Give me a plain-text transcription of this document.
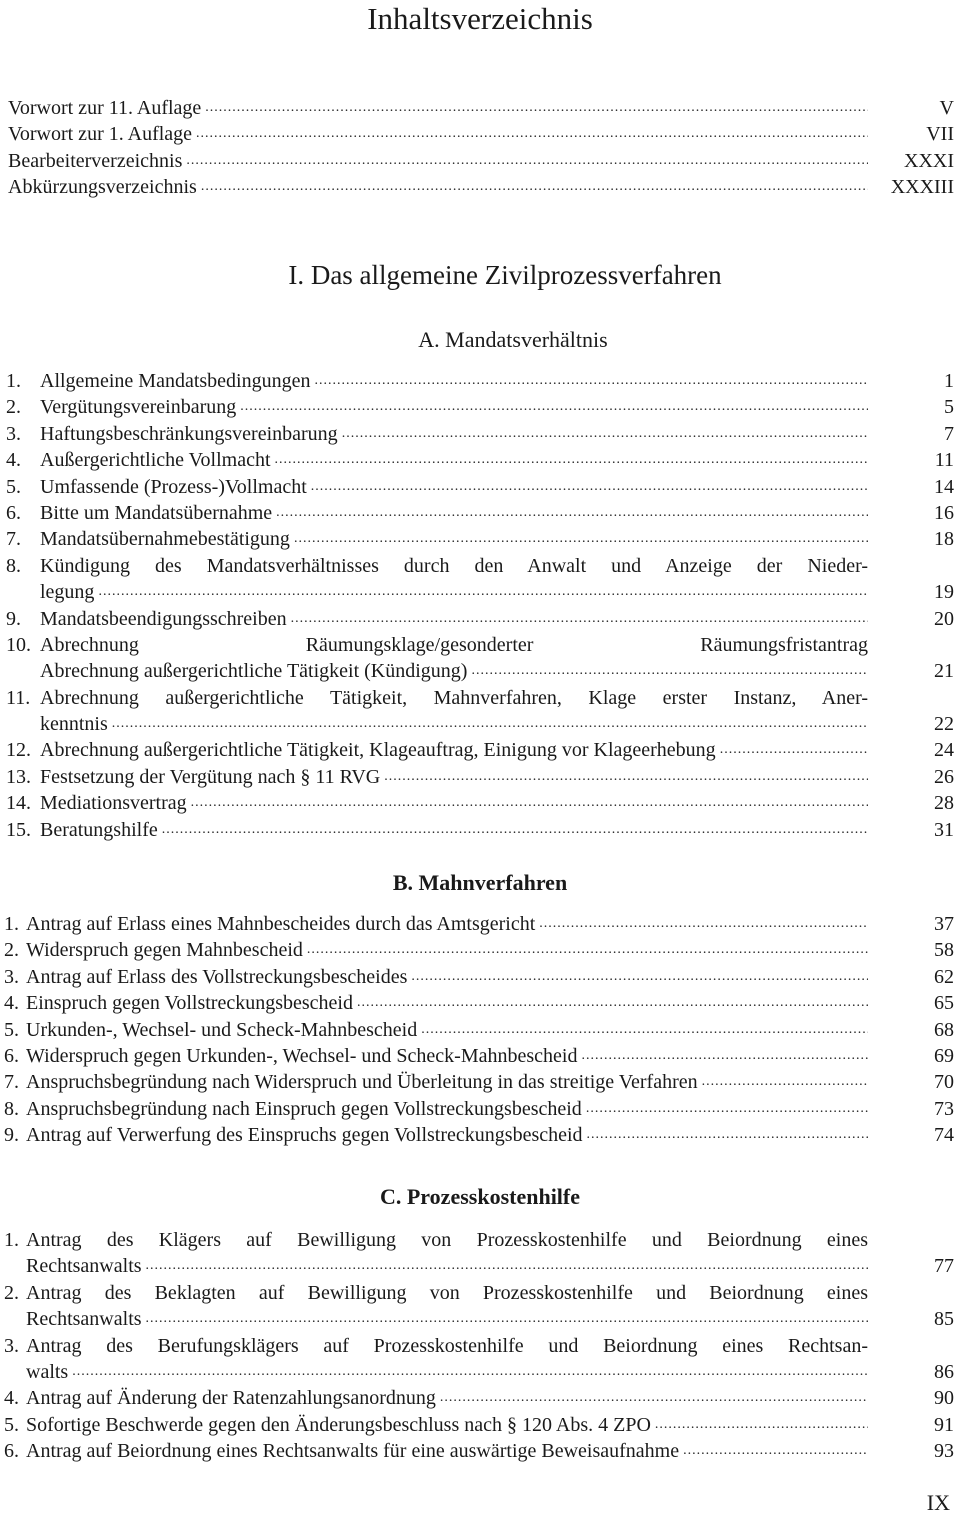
Inhaltsverzeichnis
Vorwort zur 11. Auflage .....	V
Vorwort zur 1. Auflage .....	VII
Bearbeiterverzeichnis .....	XXXI
Abkürzungsverzeichnis .....	XXXIII
I. Das allgemeine Zivilprozessverfahren
A. Mandatsverhältnis
1. Allgemeine Mandatsbedingungen .....	1
2. Vergütungsvereinbarung .....	5
3. Haftungsbeschränkungsvereinbarung .....	7
4. Außergerichtliche Vollmacht .....	11
5. Umfassende (Prozess-)Vollmacht .....	14
6. Bitte um Mandatsübernahme .....	16
7. Mandatsübernahmebestätigung .....	18
8. Kündigung des Mandatsverhältnisses durch den Anwalt und Anzeige der Nieder-
legung .....	19
9. Mandatsbeendigungsschreiben .....	20
10. Abrechnung Räumungsklage/gesonderter Räumungsfristantrag
Abrechnung außergerichtliche Tätigkeit (Kündigung) .....	21
11. Abrechnung außergerichtliche Tätigkeit, Mahnverfahren, Klage erster Instanz, Aner-
kenntnis .....	22
12. Abrechnung außergerichtliche Tätigkeit, Klageauftrag, Einigung vor Klageerhebung .....	24
13. Festsetzung der Vergütung nach § 11 RVG .....	26
14. Mediationsvertrag .....	28
15. Beratungshilfe .....	31
B. Mahnverfahren
1. Antrag auf Erlass eines Mahnbescheides durch das Amtsgericht .....	37
2. Widerspruch gegen Mahnbescheid .....	58
3. Antrag auf Erlass des Vollstreckungsbescheides .....	62
4. Einspruch gegen Vollstreckungsbescheid .....	65
5. Urkunden-, Wechsel- und Scheck-Mahnbescheid .....	68
6. Widerspruch gegen Urkunden-, Wechsel- und Scheck-Mahnbescheid .....	69
7. Anspruchsbegründung nach Widerspruch und Überleitung in das streitige Verfahren .....	70
8. Anspruchsbegründung nach Einspruch gegen Vollstreckungsbescheid .....	73
9. Antrag auf Verwerfung des Einspruchs gegen Vollstreckungsbescheid .....	74
C. Prozesskostenhilfe
1. Antrag des Klägers auf Bewilligung von Prozesskostenhilfe und Beiordnung eines
Rechtsanwalts .....	77
2. Antrag des Beklagten auf Bewilligung von Prozesskostenhilfe und Beiordnung eines
Rechtsanwalts .....	85
3. Antrag des Berufungsklägers auf Prozesskostenhilfe und Beiordnung eines Rechtsan-
walts .....	86
4. Antrag auf Änderung der Ratenzahlungsanordnung .....	90
5. Sofortige Beschwerde gegen den Änderungsbeschluss nach § 120 Abs. 4 ZPO .....	91
6. Antrag auf Beiordnung eines Rechtsanwalts für eine auswärtige Beweisaufnahme .....	93
IX
